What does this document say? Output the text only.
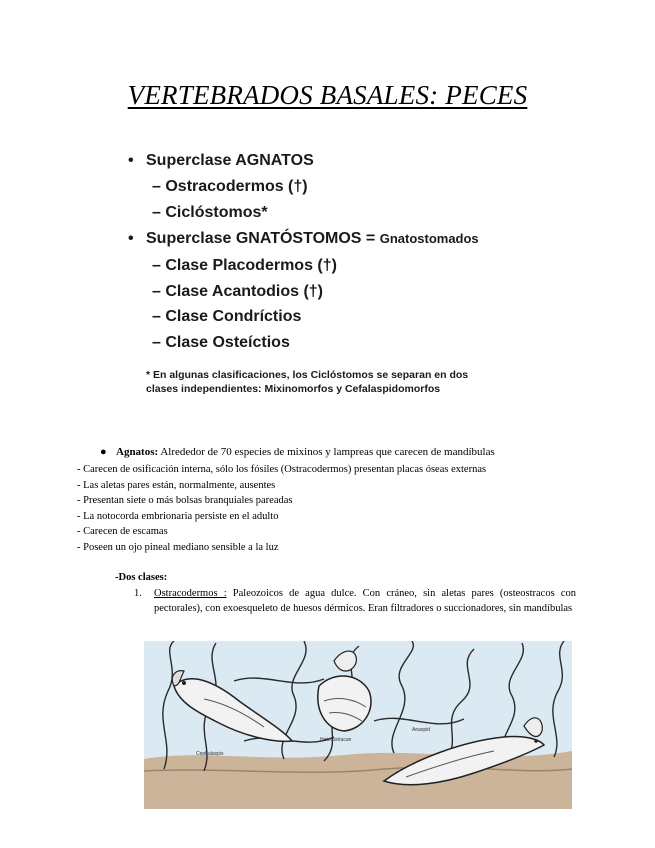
VERTEBRADOS BASALES: PECES
• Superclase AGNATOS
– Ostracodermos (†)
– Ciclóstomos*
• Superclase GNATÓSTOMOS = Gnatostomados
– Clase Placodermos (†)
– Clase Acantodios (†)
– Clase Condríctios
– Clase Osteíctios
* En algunas clasificaciones, los Ciclóstomos se separan en dos
clases independientes: Mixinomorfos y Cefalaspidomorfos
● Agnatos: Alrededor de 70 especies de mixinos y lampreas que carecen de mandíbulas
- Carecen de osificación interna, sólo los fósiles (Ostracodermos) presentan placas óseas externas
- Las aletas pares están, normalmente, ausentes
- Presentan siete o más bolsas branquiales pareadas
- La notocorda embrionaria persiste en el adulto
- Carecen de escamas
- Poseen un ojo pineal mediano sensible a la luz
-Dos clases:
1. Ostracodermos : Paleozoicos de agua dulce. Con cráneo, sin aletas pares (osteostracos con pectorales), con exoesqueleto de huesos dérmicos. Eran filtradores o succionadores, sin mandíbulas
Cephalaspis
Heterostracan
Anaspid
